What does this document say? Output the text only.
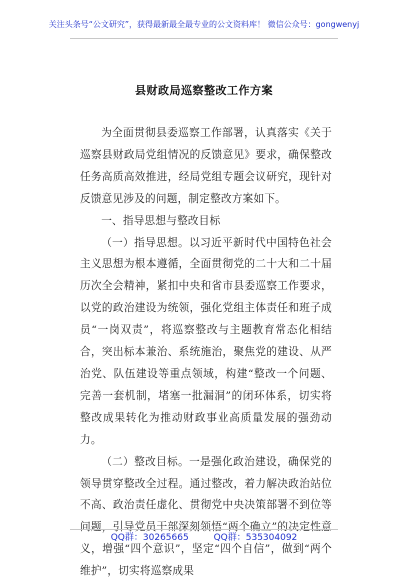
关注头条号“公文研究”，获得最新最全最专业的公文资料库！ 微信公众号：gongwenyj
县财政局巡察整改工作方案

为全面贯彻县委巡察工作部署，认真落实《关于巡察县财政局党组情况的反馈意见》要求，确保整改任务高质高效推进，经局党组专题会议研究，现针对反馈意见涉及的问题，制定整改方案如下。

一、指导思想与整改目标

（一）指导思想。以习近平新时代中国特色社会主义思想为根本遵循，全面贯彻党的二十大和二十届历次全会精神，紧扣中央和省市县委巡察工作要求，以党的政治建设为统领，强化党组主体责任和班子成员“一岗双责”，将巡察整改与主题教育常态化相结合，突出标本兼治、系统施治，聚焦党的建设、从严治党、队伍建设等重点领域，构建“整改一个问题、完善一套机制，堵塞一批漏洞”的闭环体系，切实将整改成果转化为推动财政事业高质量发展的强劲动力。

（二）整改目标。一是强化政治建设，确保党的领导贯穿整改全过程。通过整改，着力解决政治站位不高、政治责任虚化、贯彻党中央决策部署不到位等问题，引导党员干部深刻领悟“两个确立”的决定性意义，增强“四个意识”，坚定“四个自信”，做到“两个维护”，切实将巡察成果

QQ群：30265665	QQ群：535304092
